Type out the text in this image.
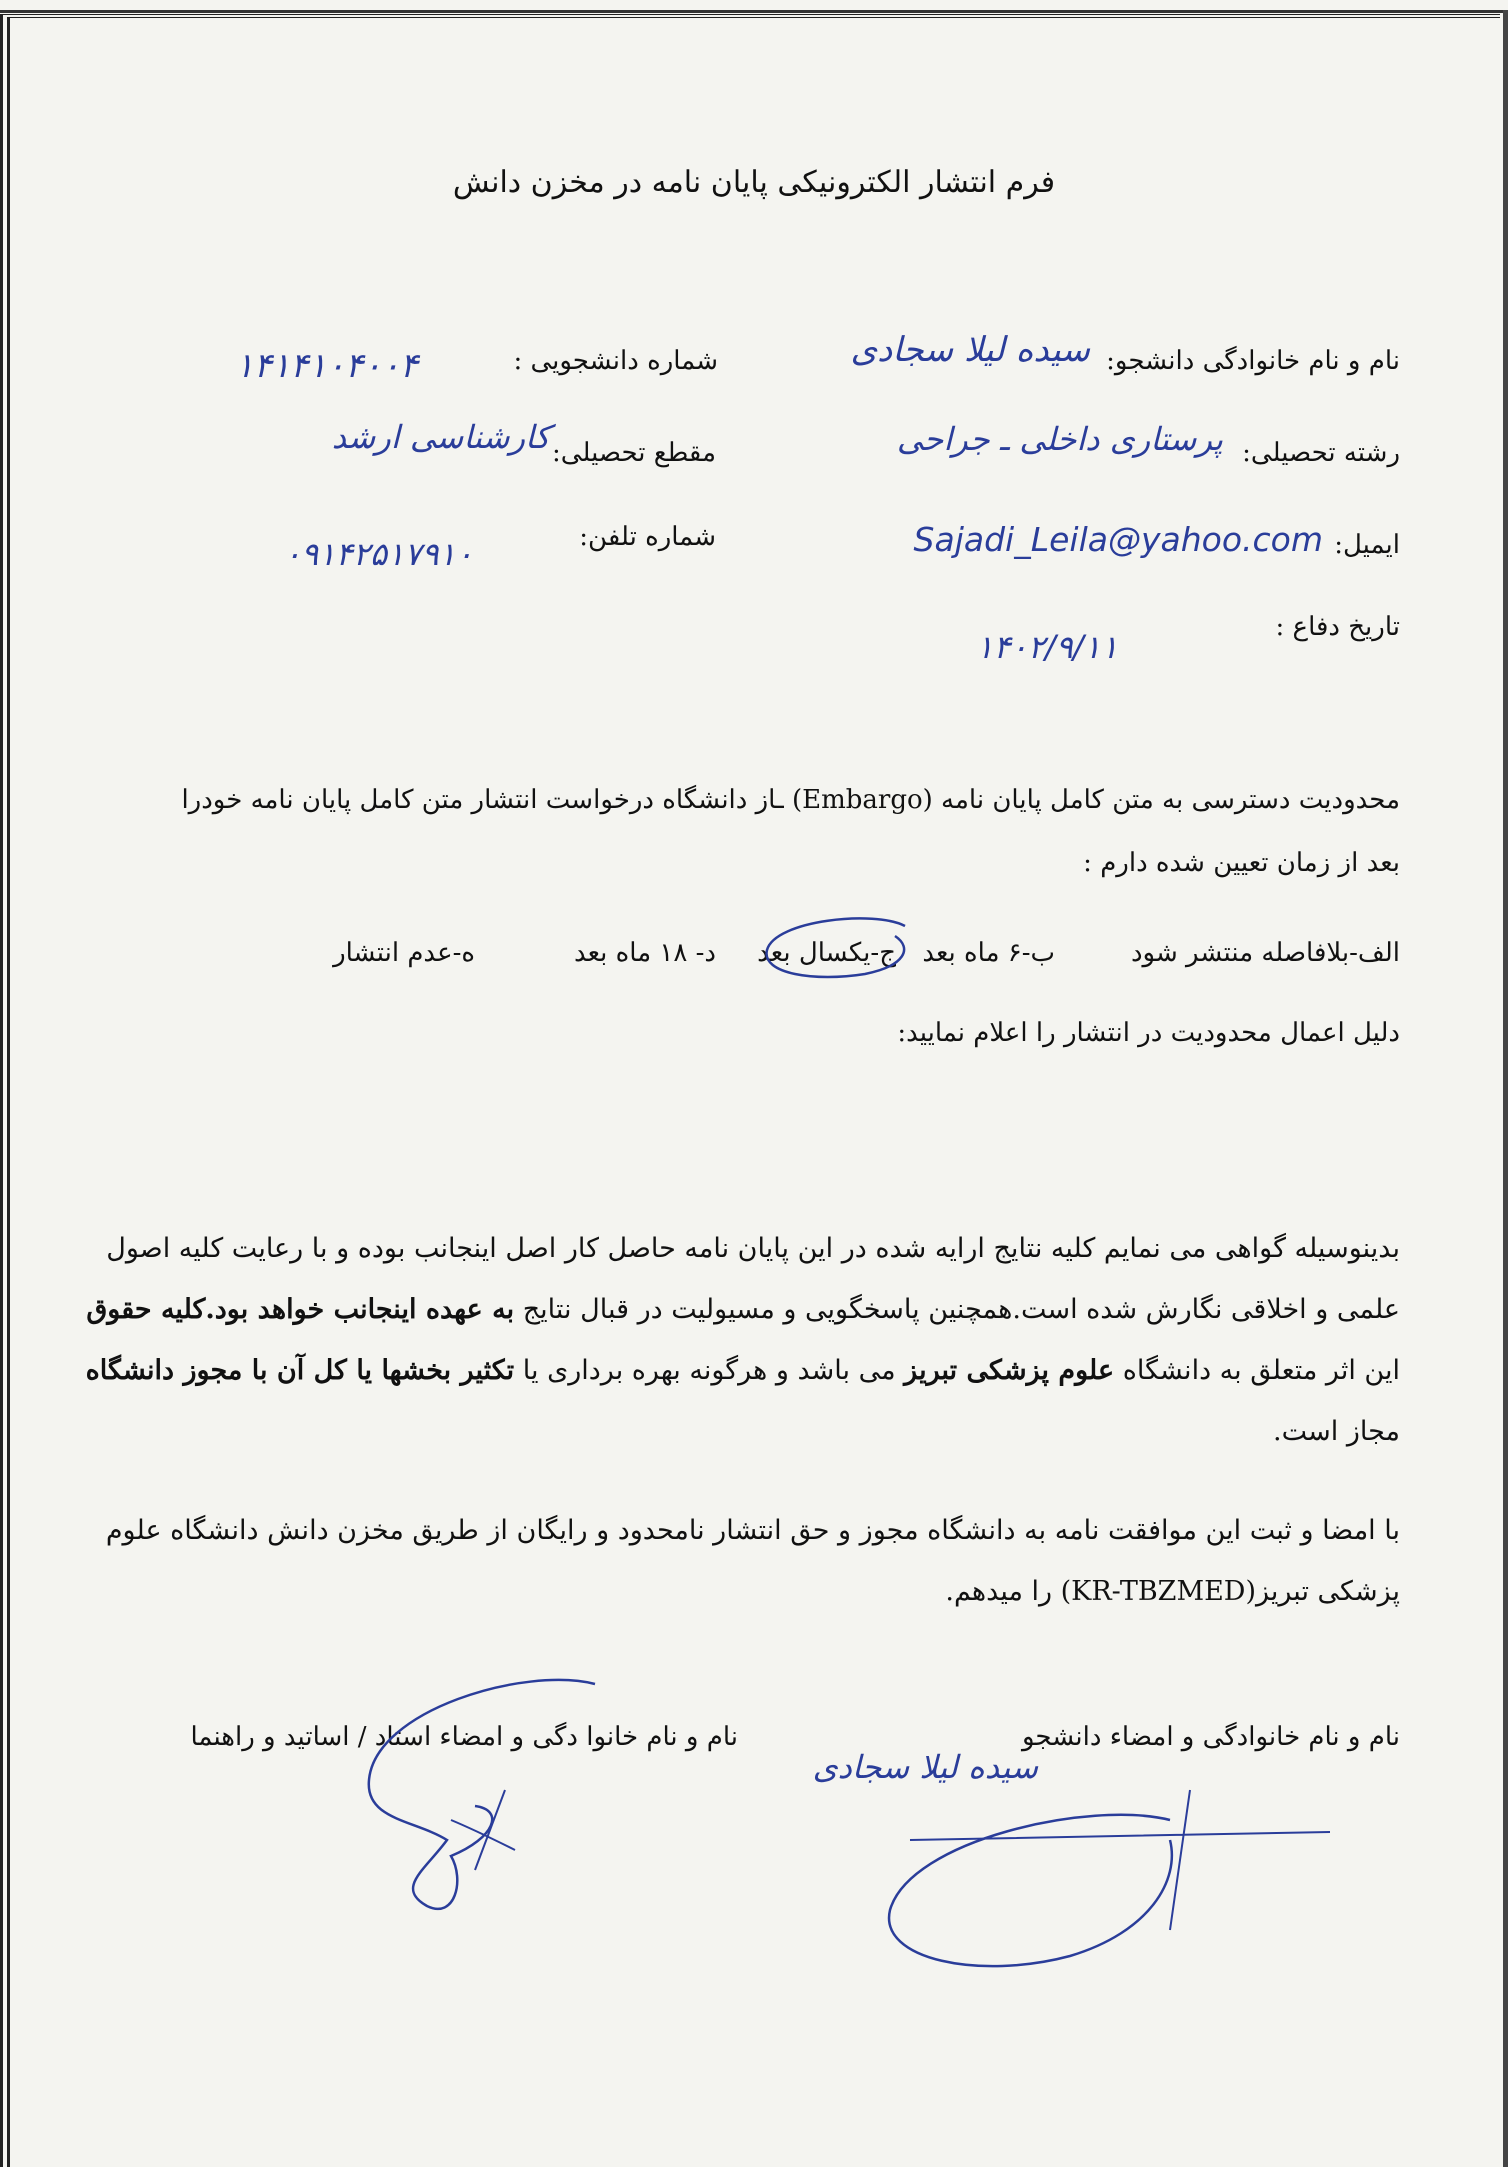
فرم انتشار الکترونیکی پایان نامه در مخزن دانش
نام و نام خانوادگی دانشجو:
سیده لیلا سجادی
شماره دانشجویی :
۱۴۱۴۱۰۴۰۰۴
رشته تحصیلی:
پرستاری داخلی ـ جراحی
مقطع تحصیلی:
کارشناسی ارشد
ایمیل:
Sajadi_Leila@yahoo.com
شماره تلفن:
۰۹۱۴۲۵۱۷۹۱۰
تاریخ دفاع :
۱۴۰۲/۹/۱۱
محدودیت دسترسی به متن کامل پایان نامه (Embargo) ـاز دانشگاه درخواست انتشار متن کامل پایان نامه خودرا
بعد از زمان تعیین شده دارم :
الف-بلافاصله منتشر شود
ب-۶ ماه بعد
ج-یکسال بعد
د- ۱۸ ماه بعد
ه-عدم انتشار
دلیل اعمال محدودیت در انتشار را اعلام نمایید:
بدینوسیله گواهی می نمایم کلیه نتایج ارایه شده در این پایان نامه حاصل کار اصل اینجانب بوده و با رعایت کلیه اصول
علمی و اخلاقی نگارش شده است.همچنین پاسخگویی و مسیولیت در قبال نتایج به عهده اینجانب خواهد بود.کلیه حقوق
این اثر متعلق به دانشگاه علوم پزشکی تبریز می باشد و هرگونه بهره برداری یا تکثیر بخشها یا کل آن با مجوز دانشگاه
مجاز است.
با امضا و ثبت این موافقت نامه به دانشگاه مجوز و حق انتشار نامحدود و رایگان از طریق مخزن دانش دانشگاه علوم
پزشکی تبریز(KR-TBZMED) را میدهم.
نام و نام خانوادگی و امضاء دانشجو
سیده لیلا سجادی
نام و نام خانوا دگی و امضاء استاد / اساتید و راهنما
